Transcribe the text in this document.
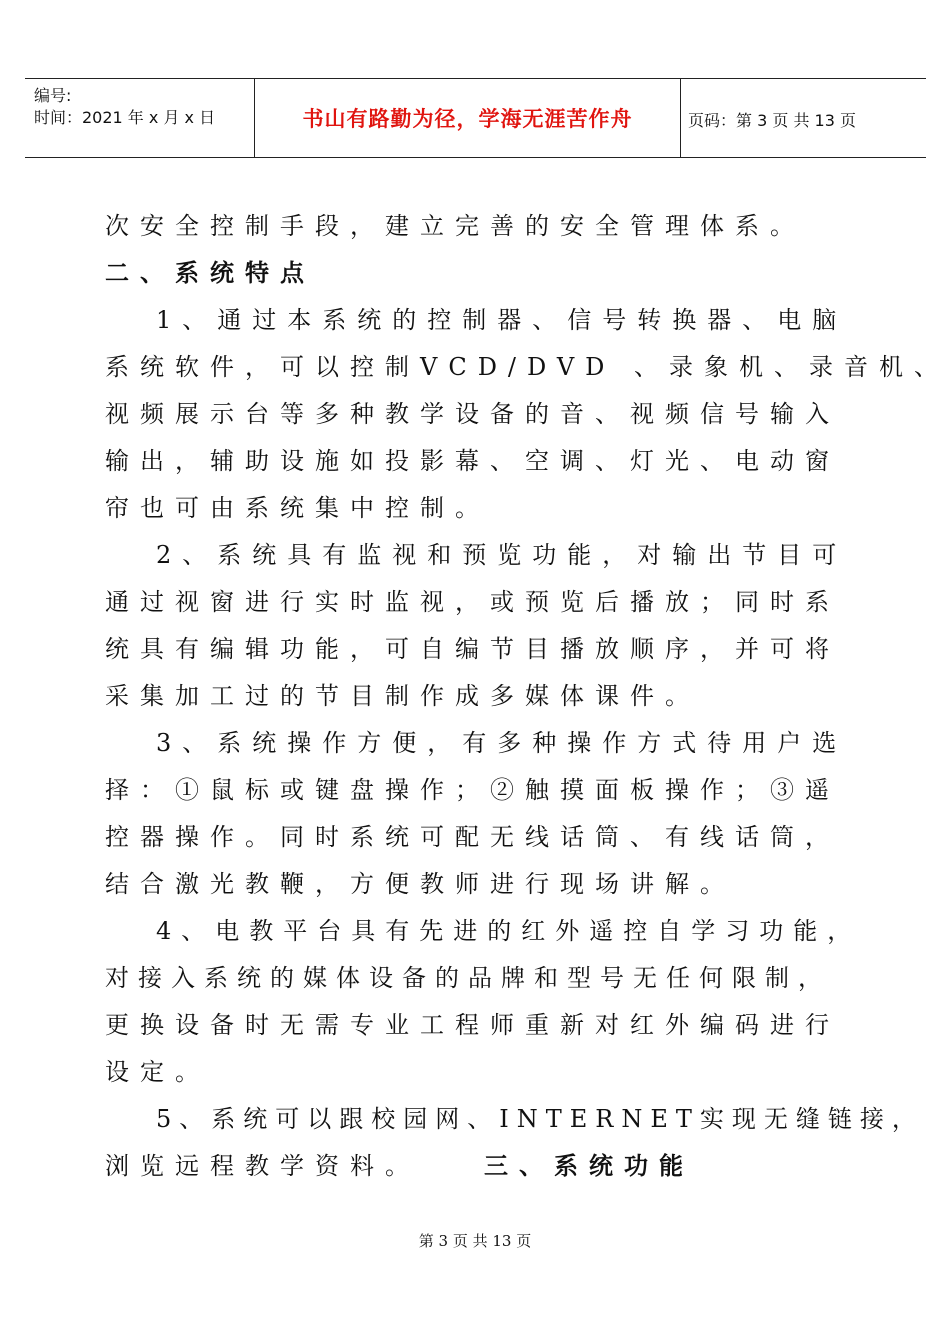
编号:
时间：2021 年 x 月 x 日	书山有路勤为径，学海无涯苦作舟	页码：第 3 页 共 13 页
次安全控制手段，建立完善的安全管理体系。
二、系统特点
1、通过本系统的控制器、信号转换器、电脑
系统软件，可以控制VCD/DVD 、录象机、录音机、
视频展示台等多种教学设备的音、视频信号输入
输出，辅助设施如投影幕、空调、灯光、电动窗
帘也可由系统集中控制。
2、系统具有监视和预览功能，对输出节目可
通过视窗进行实时监视，或预览后播放；同时系
统具有编辑功能，可自编节目播放顺序，并可将
采集加工过的节目制作成多媒体课件。
3、系统操作方便，有多种操作方式待用户选
择：①鼠标或键盘操作；②触摸面板操作；③遥
控器操作。同时系统可配无线话筒、有线话筒，
结合激光教鞭，方便教师进行现场讲解。
4、电教平台具有先进的红外遥控自学习功能，
对接入系统的媒体设备的品牌和型号无任何限制，
更换设备时无需专业工程师重新对红外编码进行
设定。
5、系统可以跟校园网、INTERNET实现无缝链接，
浏览远程教学资料。	三、系统功能
第 3 页 共 13 页
